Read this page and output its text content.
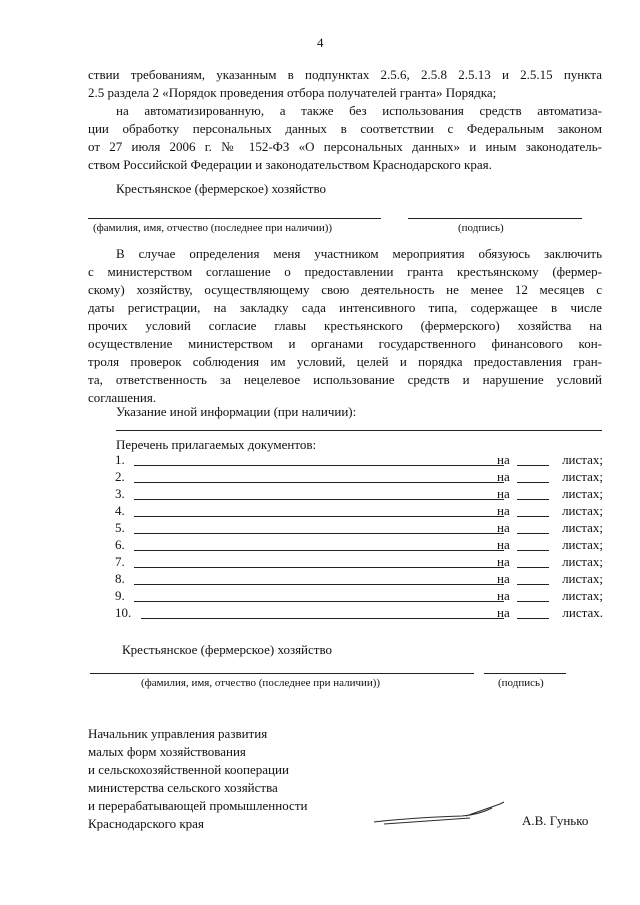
4
ствии требованиям, указанным в подпунктах 2.5.6, 2.5.8 2.5.13 и 2.5.15 пункта
2.5 раздела 2 «Порядок проведения отбора получателей гранта» Порядка;
на автоматизированную, а также без использования средств автоматиза-
ции обработку персональных данных в соответствии с Федеральным законом
от 27 июля 2006 г. № 152-ФЗ «О персональных данных» и иным законодатель-
ством Российской Федерации и законодательством Краснодарского края.
Крестьянское (фермерское) хозяйство
(фамилия, имя, отчество (последнее при наличии))	(подпись)
В случае определения меня участником мероприятия обязуюсь заключить
с министерством соглашение о предоставлении гранта крестьянскому (фермер-
скому) хозяйству, осуществляющему свою деятельность не менее 12 месяцев с
даты регистрации, на закладку сада интенсивного типа, содержащее в числе
прочих условий согласие главы крестьянского (фермерского) хозяйства на
осуществление министерством и органами государственного финансового кон-
троля проверок соблюдения им условий, целей и порядка предоставления гран-
та, ответственность за нецелевое использование средств и нарушение условий
соглашения.
Указание иной информации (при наличии):
Перечень прилагаемых документов:
1.	на	листах;
2.	на	листах;
3.	на	листах;
4.	на	листах;
5.	на	листах;
6.	на	листах;
7.	на	листах;
8.	на	листах;
9.	на	листах;
10.	на	листах.
Крестьянское (фермерское) хозяйство
(фамилия, имя, отчество (последнее при наличии))	(подпись)
Начальник управления развития
малых форм хозяйствования
и сельскохозяйственной кооперации
министерства сельского хозяйства
и перерабатывающей промышленности
Краснодарского края	А.В. Гунько
